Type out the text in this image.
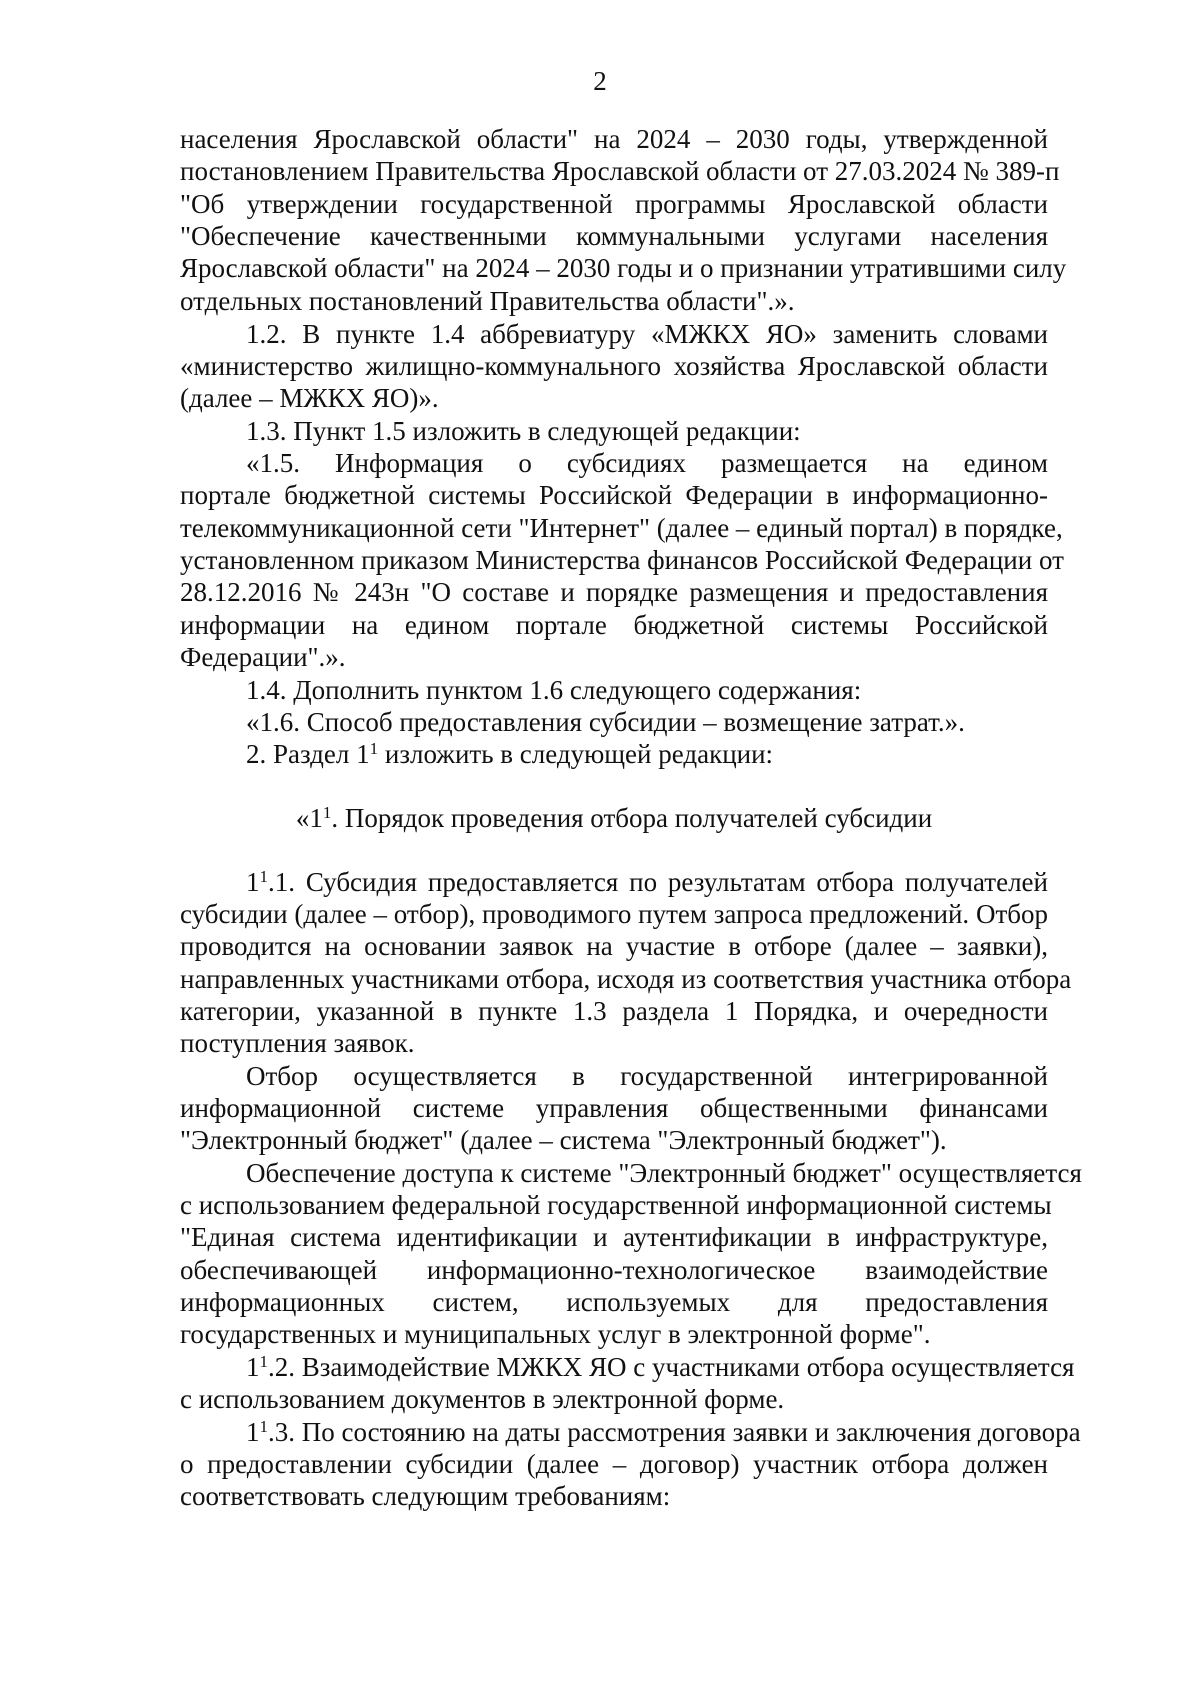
2
населения Ярославской области" на 2024 – 2030 годы, утвержденной
постановлением Правительства Ярославской области от 27.03.2024 № 389-п
"Об утверждении государственной программы Ярославской области
"Обеспечение качественными коммунальными услугами населения
Ярославской области" на 2024 – 2030 годы и о признании утратившими силу
отдельных постановлений Правительства области".».
1.2. В пункте 1.4 аббревиатуру «МЖКХ ЯО» заменить словами
«министерство жилищно-коммунального хозяйства Ярославской области
(далее – МЖКХ ЯО)».
1.3. Пункт 1.5 изложить в следующей редакции:
«1.5. Информация о субсидиях размещается на едином
портале бюджетной системы Российской Федерации в информационно-
телекоммуникационной сети "Интернет" (далее – единый портал) в порядке,
установленном приказом Министерства финансов Российской Федерации от
28.12.2016 № 243н "О составе и порядке размещения и предоставления
информации на едином портале бюджетной системы Российской
Федерации".».
1.4. Дополнить пунктом 1.6 следующего содержания:
«1.6. Способ предоставления субсидии – возмещение затрат.».
2. Раздел $1^1$ изложить в следующей редакции:
«$1^1$. Порядок проведения отбора получателей субсидии
$1^1.1$. Субсидия предоставляется по результатам отбора получателей
субсидии (далее – отбор), проводимого путем запроса предложений. Отбор
проводится на основании заявок на участие в отборе (далее – заявки),
направленных участниками отбора, исходя из соответствия участника отбора
категории, указанной в пункте 1.3 раздела 1 Порядка, и очередности
поступления заявок.
Отбор осуществляется в государственной интегрированной
информационной системе управления общественными финансами
"Электронный бюджет" (далее – система "Электронный бюджет").
Обеспечение доступа к системе "Электронный бюджет" осуществляется
с использованием федеральной государственной информационной системы
"Единая система идентификации и аутентификации в инфраструктуре,
обеспечивающей информационно-технологическое взаимодействие
информационных систем, используемых для предоставления
государственных и муниципальных услуг в электронной форме".
$1^1.2$. Взаимодействие МЖКХ ЯО с участниками отбора осуществляется
с использованием документов в электронной форме.
$1^1.3$. По состоянию на даты рассмотрения заявки и заключения договора
о предоставлении субсидии (далее – договор) участник отбора должен
соответствовать следующим требованиям:
